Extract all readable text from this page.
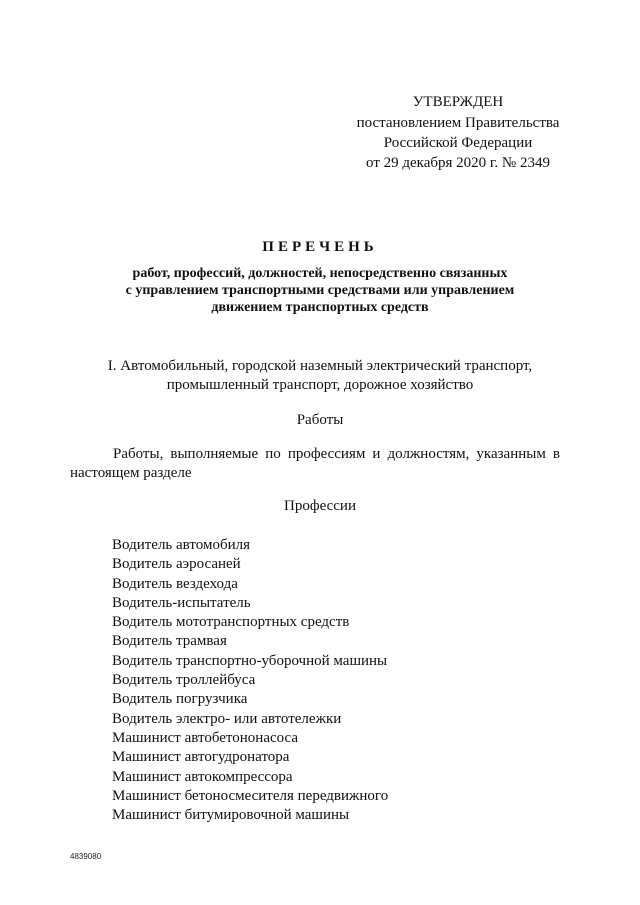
УТВЕРЖДЕН
постановлением Правительства
Российской Федерации
от 29 декабря 2020 г. № 2349
ПЕРЕЧЕНЬ
работ, профессий, должностей, непосредственно связанных
с управлением транспортными средствами или управлением
движением транспортных средств
I. Автомобильный, городской наземный электрический транспорт,
промышленный транспорт, дорожное хозяйство
Работы
Работы, выполняемые по профессиям и должностям, указанным в настоящем разделе
Профессии
Водитель автомобиля
Водитель аэросаней
Водитель вездехода
Водитель-испытатель
Водитель мототранспортных средств
Водитель трамвая
Водитель транспортно-уборочной машины
Водитель троллейбуса
Водитель погрузчика
Водитель электро- или автотележки
Машинист автобетононасоса
Машинист автогудронатора
Машинист автокомпрессора
Машинист бетоносмесителя передвижного
Машинист битумировочной машины
4839080
